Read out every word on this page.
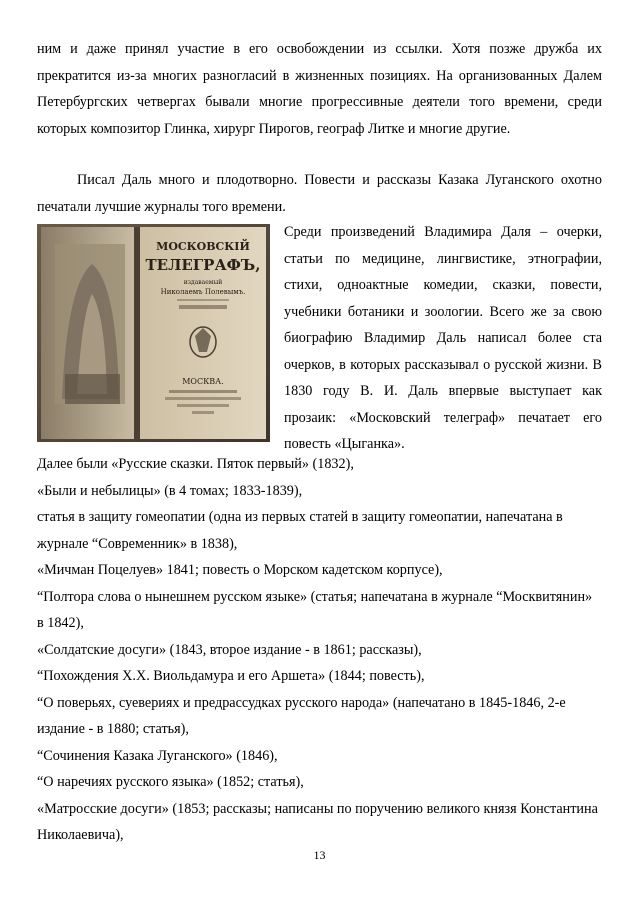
ним и даже принял участие в его освобождении из ссылки. Хотя позже дружба их прекратится из-за многих разногласий в жизненных позициях. На организованных Далем Петербургских четвергах бывали многие прогрессивные деятели того времени, среди которых композитор Глинка, хирург Пирогов, географ Литке и многие другие.

Писал Даль много и плодотворно. Повести и рассказы Казака Луганского охотно печатали лучшие журналы того времени.

МОСКОВСКІЙ
ТЕЛЕГРАФЪ,
издаваемый
Николаемъ Полевымъ.
МОСКВА.

Среди произведений Владимира Даля – очерки, статьи по медицине, лингвистике, этнографии, стихи, одноактные комедии, сказки, повести, учебники ботаники и зоологии. Всего же за свою биографию Владимир Даль написал более ста очерков, в которых рассказывал о русской жизни. В 1830 году В. И. Даль впервые выступает как прозаик: «Московский телеграф» печатает его повесть «Цыганка».

Далее были «Русские сказки. Пяток первый» (1832),
«Были и небылицы» (в 4 томах; 1833-1839),
статья в защиту гомеопатии (одна из первых статей в защиту гомеопатии, напечатана в журнале “Современник» в 1838),
«Мичман Поцелуев» 1841; повесть о Морском кадетском корпусе),
“Полтора слова о нынешнем русском языке» (статья; напечатана в журнале “Москвитянин» в 1842),
«Солдатские досуги» (1843, второе издание - в 1861; рассказы),
“Похождения Х.Х. Виольдамура и его Аршета» (1844; повесть),
“О поверьях, суевериях и предрассудках русского народа» (напечатано в 1845-1846, 2-е издание - в 1880; статья),
“Сочинения Казака Луганского» (1846),
“О наречиях русского языка» (1852; статья),
«Матросские досуги» (1853; рассказы; написаны по поручению великого князя Константина Николаевича),
13
